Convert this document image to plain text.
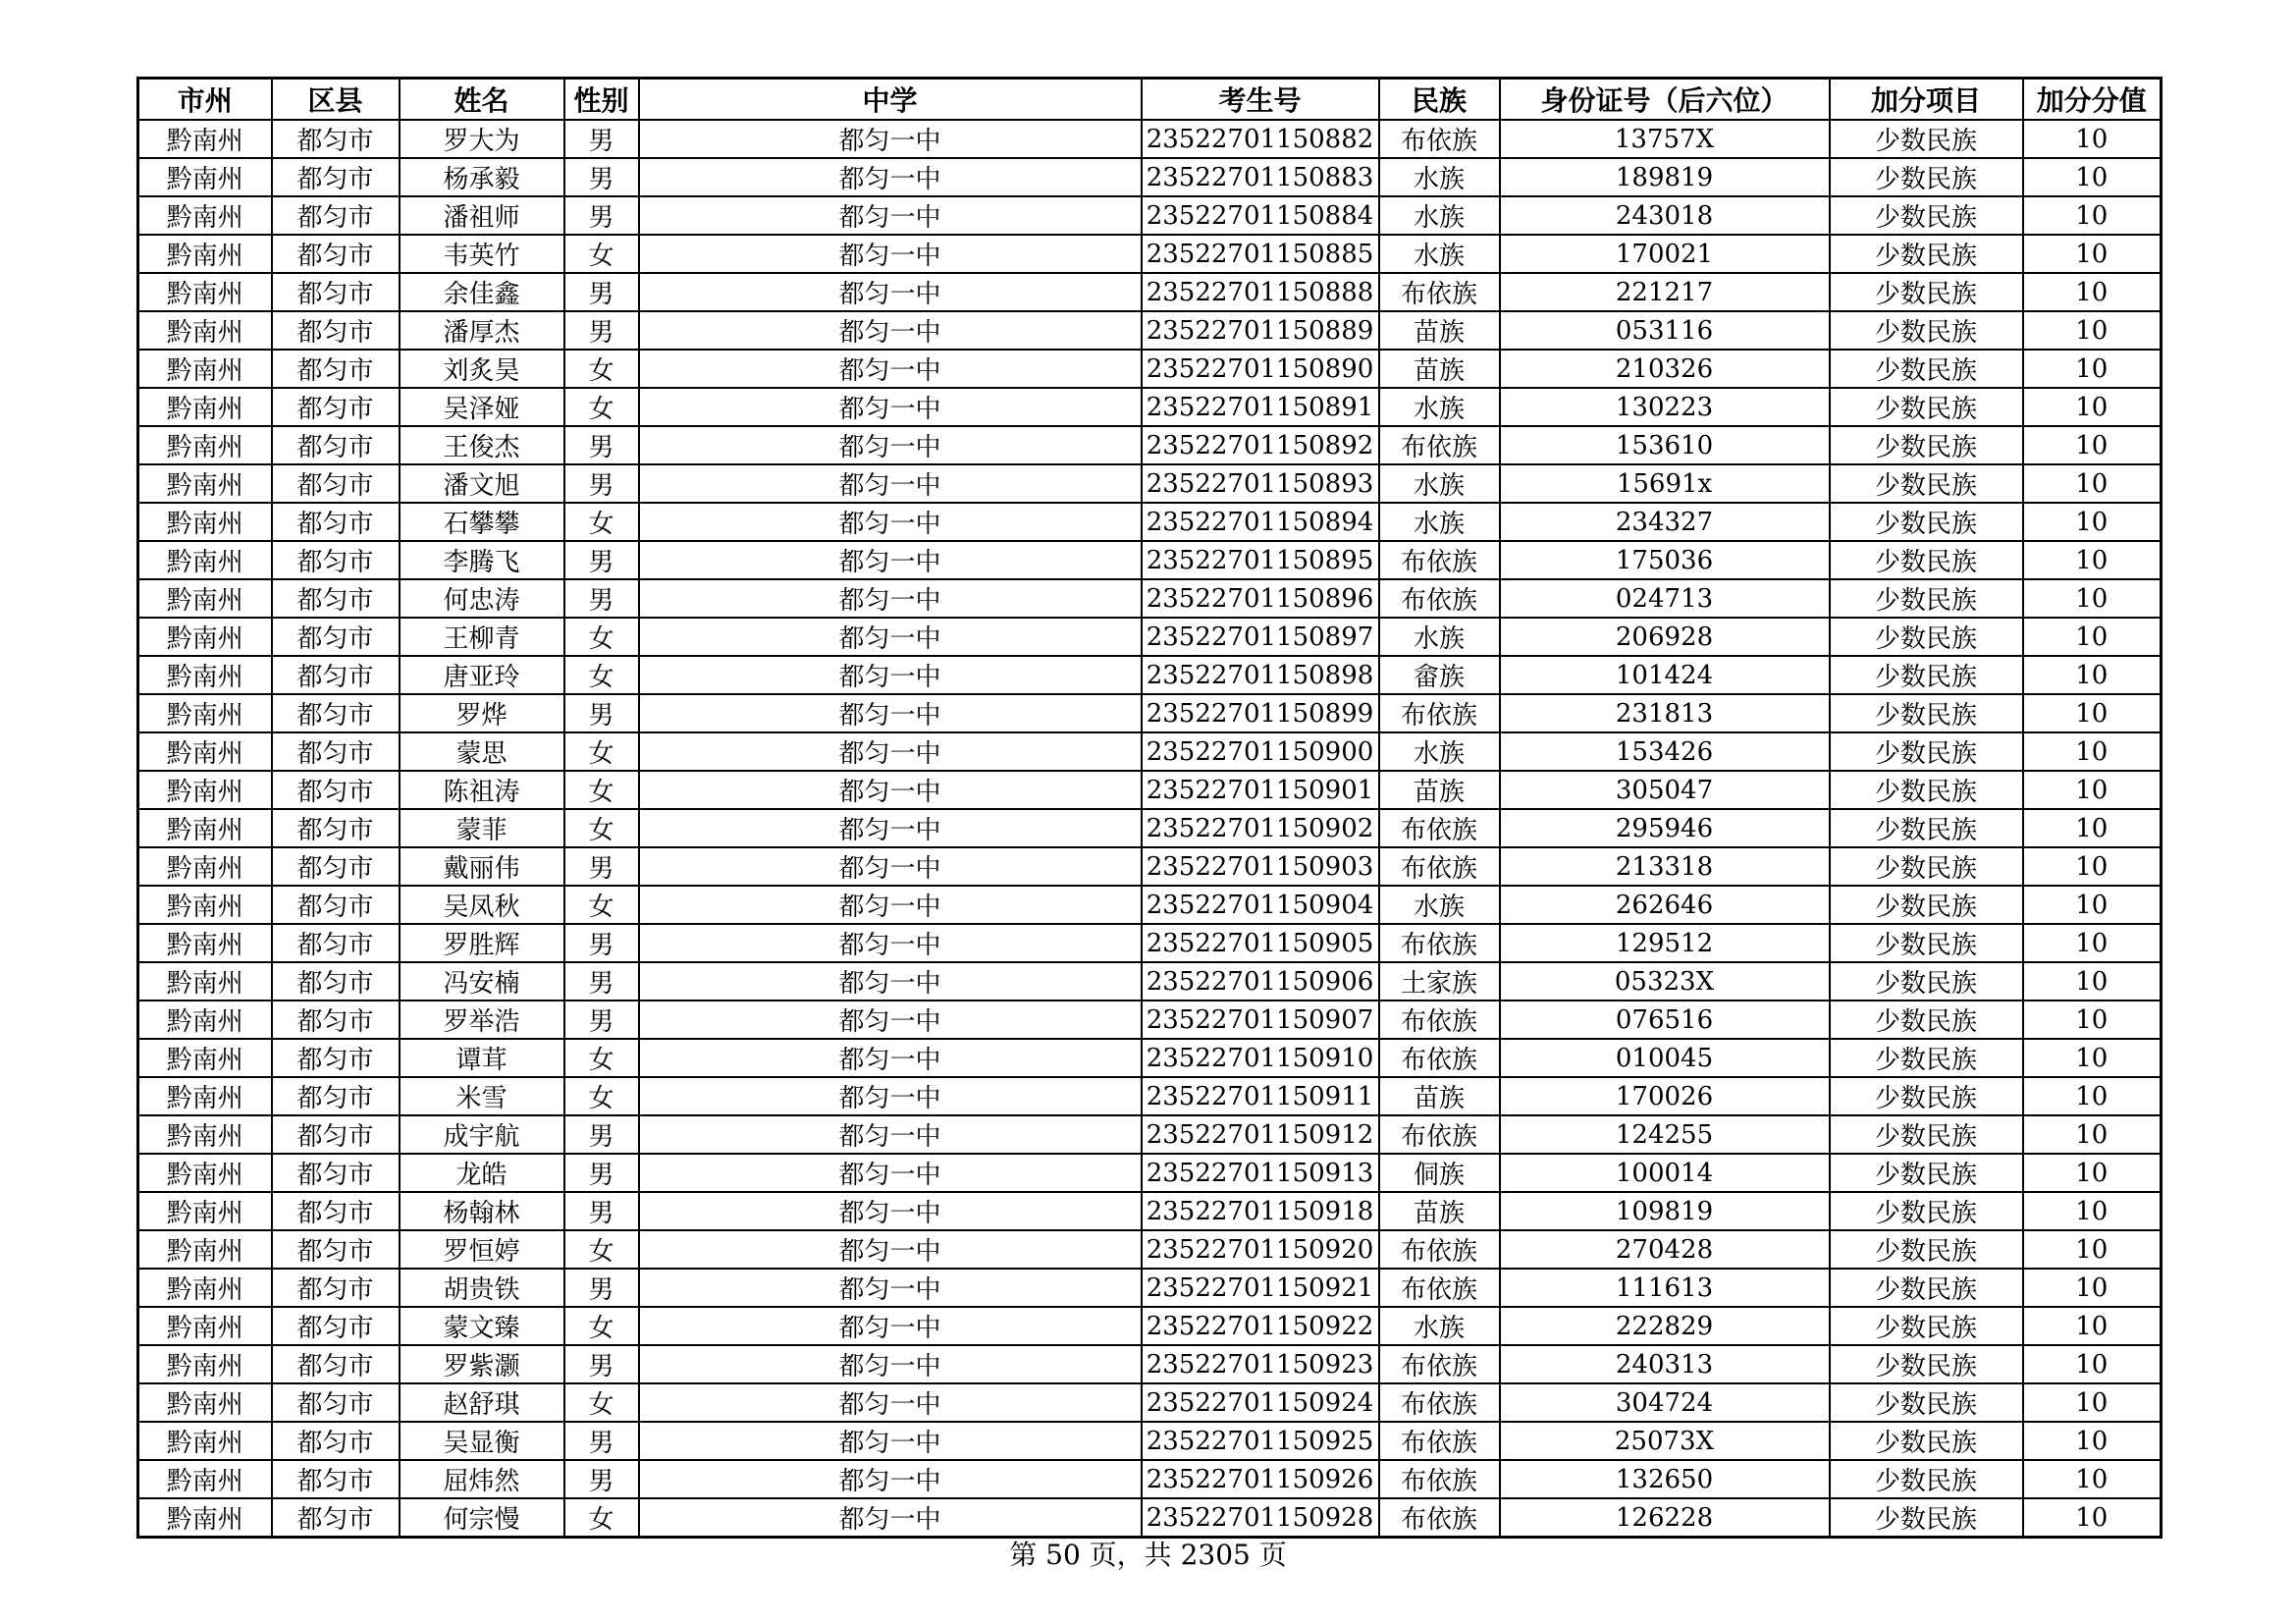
市州	区县	姓名	性别	中学	考生号	民族	身份证号（后六位）	加分项目	加分分值
黔南州	都匀市	罗大为	男	都匀一中	23522701150882	布依族	13757X	少数民族	10
黔南州	都匀市	杨承毅	男	都匀一中	23522701150883	水族	189819	少数民族	10
黔南州	都匀市	潘祖师	男	都匀一中	23522701150884	水族	243018	少数民族	10
黔南州	都匀市	韦英竹	女	都匀一中	23522701150885	水族	170021	少数民族	10
黔南州	都匀市	余佳鑫	男	都匀一中	23522701150888	布依族	221217	少数民族	10
黔南州	都匀市	潘厚杰	男	都匀一中	23522701150889	苗族	053116	少数民族	10
黔南州	都匀市	刘炙昊	女	都匀一中	23522701150890	苗族	210326	少数民族	10
黔南州	都匀市	吴泽娅	女	都匀一中	23522701150891	水族	130223	少数民族	10
黔南州	都匀市	王俊杰	男	都匀一中	23522701150892	布依族	153610	少数民族	10
黔南州	都匀市	潘文旭	男	都匀一中	23522701150893	水族	15691x	少数民族	10
黔南州	都匀市	石攀攀	女	都匀一中	23522701150894	水族	234327	少数民族	10
黔南州	都匀市	李腾飞	男	都匀一中	23522701150895	布依族	175036	少数民族	10
黔南州	都匀市	何忠涛	男	都匀一中	23522701150896	布依族	024713	少数民族	10
黔南州	都匀市	王柳青	女	都匀一中	23522701150897	水族	206928	少数民族	10
黔南州	都匀市	唐亚玲	女	都匀一中	23522701150898	畲族	101424	少数民族	10
黔南州	都匀市	罗烨	男	都匀一中	23522701150899	布依族	231813	少数民族	10
黔南州	都匀市	蒙思	女	都匀一中	23522701150900	水族	153426	少数民族	10
黔南州	都匀市	陈祖涛	女	都匀一中	23522701150901	苗族	305047	少数民族	10
黔南州	都匀市	蒙菲	女	都匀一中	23522701150902	布依族	295946	少数民族	10
黔南州	都匀市	戴丽伟	男	都匀一中	23522701150903	布依族	213318	少数民族	10
黔南州	都匀市	吴凤秋	女	都匀一中	23522701150904	水族	262646	少数民族	10
黔南州	都匀市	罗胜辉	男	都匀一中	23522701150905	布依族	129512	少数民族	10
黔南州	都匀市	冯安楠	男	都匀一中	23522701150906	土家族	05323X	少数民族	10
黔南州	都匀市	罗举浩	男	都匀一中	23522701150907	布依族	076516	少数民族	10
黔南州	都匀市	谭茸	女	都匀一中	23522701150910	布依族	010045	少数民族	10
黔南州	都匀市	米雪	女	都匀一中	23522701150911	苗族	170026	少数民族	10
黔南州	都匀市	成宇航	男	都匀一中	23522701150912	布依族	124255	少数民族	10
黔南州	都匀市	龙皓	男	都匀一中	23522701150913	侗族	100014	少数民族	10
黔南州	都匀市	杨翰林	男	都匀一中	23522701150918	苗族	109819	少数民族	10
黔南州	都匀市	罗恒婷	女	都匀一中	23522701150920	布依族	270428	少数民族	10
黔南州	都匀市	胡贵铁	男	都匀一中	23522701150921	布依族	111613	少数民族	10
黔南州	都匀市	蒙文臻	女	都匀一中	23522701150922	水族	222829	少数民族	10
黔南州	都匀市	罗紫灏	男	都匀一中	23522701150923	布依族	240313	少数民族	10
黔南州	都匀市	赵舒琪	女	都匀一中	23522701150924	布依族	304724	少数民族	10
黔南州	都匀市	吴显衡	男	都匀一中	23522701150925	布依族	25073X	少数民族	10
黔南州	都匀市	屈炜然	男	都匀一中	23522701150926	布依族	132650	少数民族	10
黔南州	都匀市	何宗慢	女	都匀一中	23522701150928	布依族	126228	少数民族	10
第 50 页，共 2305 页
